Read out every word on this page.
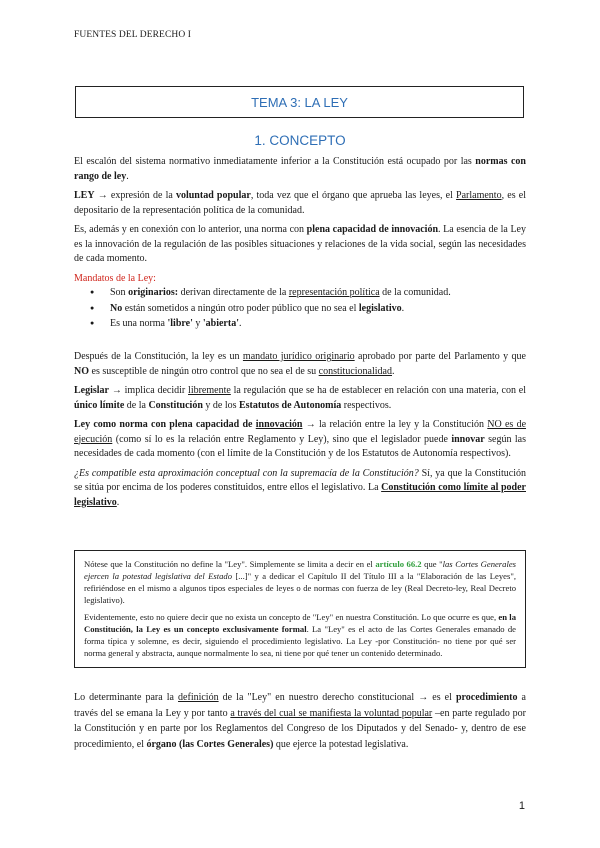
FUENTES DEL DERECHO I
TEMA 3: LA LEY
1. CONCEPTO

El escalón del sistema normativo inmediatamente inferior a la Constitución está ocupado por las normas con rango de ley.

LEY → expresión de la voluntad popular, toda vez que el órgano que aprueba las leyes, el Parlamento, es el depositario de la representación política de la comunidad.

Es, además y en conexión con lo anterior, una norma con plena capacidad de innovación. La esencia de la Ley es la innovación de la regulación de las posibles situaciones y relaciones de la vida social, según las necesidades de cada momento.

Mandatos de la Ley:

● Son originarios: derivan directamente de la representación política de la comunidad.
● No están sometidos a ningún otro poder público que no sea el legislativo.
● Es una norma 'libre' y 'abierta'.

Después de la Constitución, la ley es un mandato jurídico originario aprobado por parte del Parlamento y que NO es susceptible de ningún otro control que no sea el de su constitucionalidad.

Legislar → implica decidir libremente la regulación que se ha de establecer en relación con una materia, con el único límite de la Constitución y de los Estatutos de Autonomía respectivos.

Ley como norma con plena capacidad de innovación → la relación entre la ley y la Constitución NO es de ejecución (como sí lo es la relación entre Reglamento y Ley), sino que el legislador puede innovar según las necesidades de cada momento (con el límite de la Constitución y de los Estatutos de Autonomía respectivos).

¿Es compatible esta aproximación conceptual con la supremacía de la Constitución? Sí, ya que la Constitución se sitúa por encima de los poderes constituidos, entre ellos el legislativo. La Constitución como límite al poder legislativo.

Nótese que la Constitución no define la "Ley". Simplemente se limita a decir en el artículo 66.2 que "las Cortes Generales ejercen la potestad legislativa del Estado [...]" y a dedicar el Capítulo II del Título III a la "Elaboración de las Leyes", refiriéndose en el mismo a algunos tipos especiales de leyes o de normas con fuerza de ley (Real Decreto-ley, Real Decreto legislativo).

Evidentemente, esto no quiere decir que no exista un concepto de "Ley" en nuestra Constitución. Lo que ocurre es que, en la Constitución, la Ley es un concepto exclusivamente formal. La "Ley" es el acto de las Cortes Generales emanado de forma típica y solemne, es decir, siguiendo el procedimiento legislativo. La Ley -por Constitución- no tiene por qué ser norma general y abstracta, aunque normalmente lo sea, ni tiene por qué tener un contenido determinado.

Lo determinante para la definición de la "Ley" en nuestro derecho constitucional → es el procedimiento a través del se emana la Ley y por tanto a través del cual se manifiesta la voluntad popular –en parte regulado por la Constitución y en parte por los Reglamentos del Congreso de los Diputados y del Senado- y, dentro de ese procedimiento, el órgano (las Cortes Generales) que ejerce la potestad legislativa.

1
